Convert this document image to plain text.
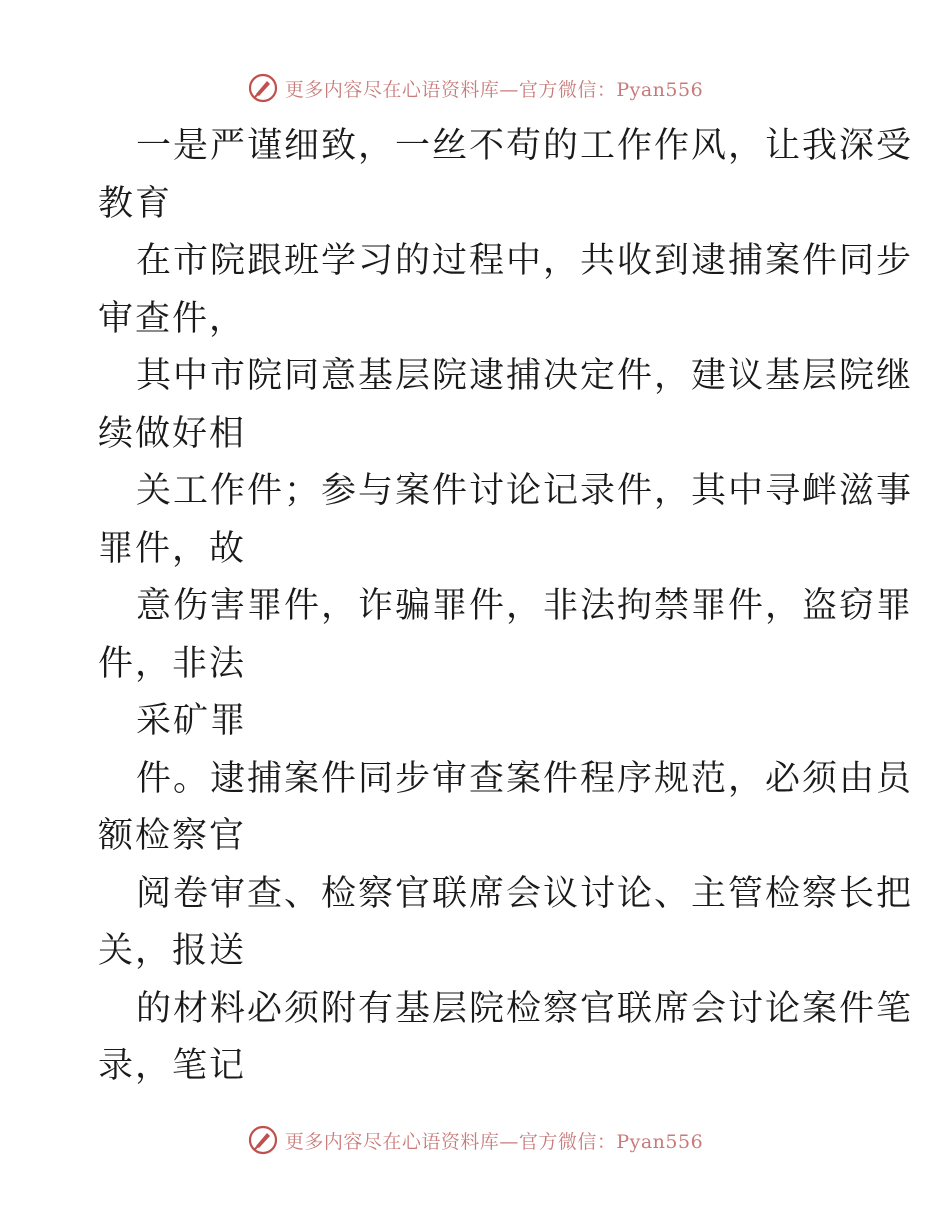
更多内容尽在心语资料库—官方微信：Pyan556
一是严谨细致，一丝不苟的工作作风，让我深受
教育
在市院跟班学习的过程中，共收到逮捕案件同步
审查件，
其中市院同意基层院逮捕决定件，建议基层院继
续做好相
关工作件；参与案件讨论记录件，其中寻衅滋事
罪件，故
意伤害罪件，诈骗罪件，非法拘禁罪件，盗窃罪
件，非法
采矿罪
件。逮捕案件同步审查案件程序规范，必须由员
额检察官
阅卷审查、检察官联席会议讨论、主管检察长把
关，报送
的材料必须附有基层院检察官联席会讨论案件笔
录，笔记
更多内容尽在心语资料库—官方微信：Pyan556
